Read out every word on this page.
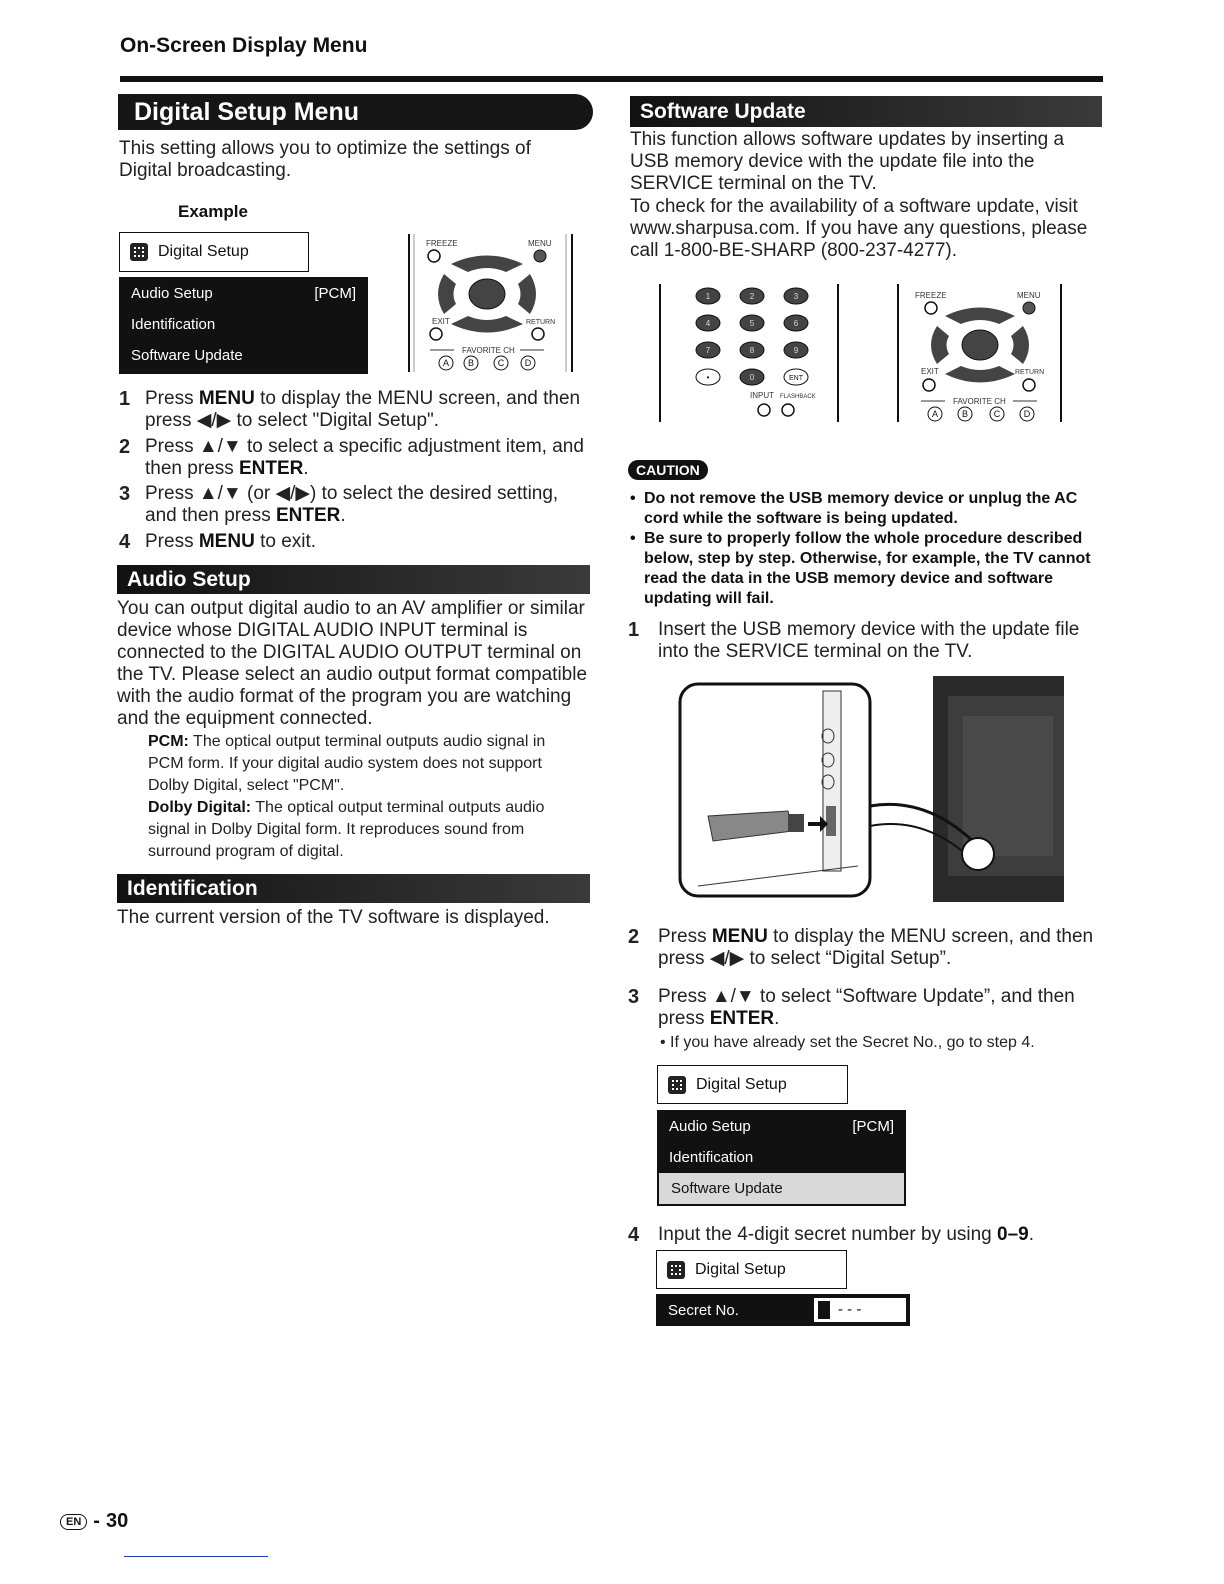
On-Screen Display Menu
Digital Setup Menu
This setting allows you to optimize the settings of Digital broadcasting.
Example
Digital Setup
Audio Setup	[PCM]
Identification
Software Update
FREEZE	MENU
EXIT	RETURN
FAVORITE CH
A B	C D
1 Press MENU to display the MENU screen, and then press ◀/▶ to select "Digital Setup".
2 Press ▲/▼ to select a specific adjustment item, and then press ENTER.
3 Press ▲/▼ (or ◀/▶) to select the desired setting, and then press ENTER.
4 Press MENU to exit.
Audio Setup
You can output digital audio to an AV amplifier or similar device whose DIGITAL AUDIO INPUT terminal is connected to the DIGITAL AUDIO OUTPUT terminal on the TV. Please select an audio output format compatible with the audio format of the program you are watching and the equipment connected.
PCM: The optical output terminal outputs audio signal in PCM form. If your digital audio system does not support Dolby Digital, select "PCM".
Dolby Digital: The optical output terminal outputs audio signal in Dolby Digital form. It reproduces sound from surround program of digital.
Identification
The current version of the TV software is displayed.
Software Update
This function allows software updates by inserting a USB memory device with the update file into the SERVICE terminal on the TV.
To check for the availability of a software update, visit www.sharpusa.com. If you have any questions, please call 1-800-BE-SHARP (800-237-4277).
1	2	3
4	5	6
7	8	9
•	0	ENT
INPUT FLASHBACK
FREEZE	MENU
EXIT	RETURN
FAVORITE CH
A	B	C	D
CAUTION
• Do not remove the USB memory device or unplug the AC cord while the software is being updated.
• Be sure to properly follow the whole procedure described below, step by step. Otherwise, for example, the TV cannot read the data in the USB memory device and software updating will fail.
1 Insert the USB memory device with the update file into the SERVICE terminal on the TV.
2 Press MENU to display the MENU screen, and then press ◀/▶ to select “Digital Setup”.
3 Press ▲/▼ to select “Software Update”, and then press ENTER.
• If you have already set the Secret No., go to step 4.
Digital Setup
Audio Setup	[PCM]
Identification
Software Update
4 Input the 4-digit secret number by using 0–9.
Digital Setup
Secret No.	- - -
EN - 30
